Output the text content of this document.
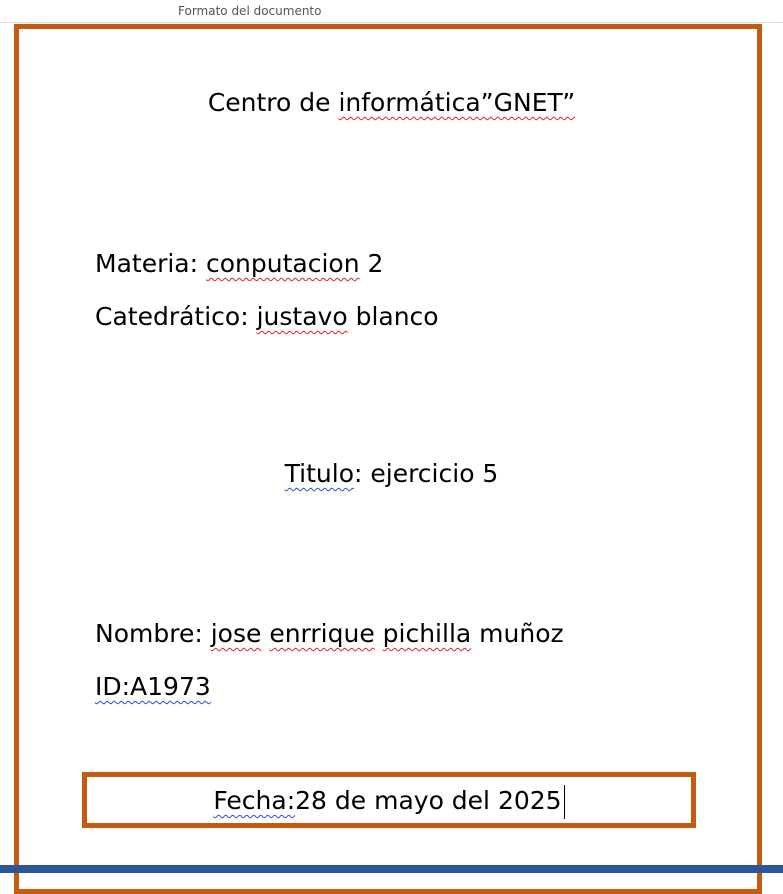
Formato del documento
Centro de informática”GNET”
Materia: conputacion 2
Catedrático: justavo blanco
Titulo: ejercicio 5
Nombre: jose enrrique pichilla muñoz
ID:A1973
Fecha:28 de mayo del 2025
